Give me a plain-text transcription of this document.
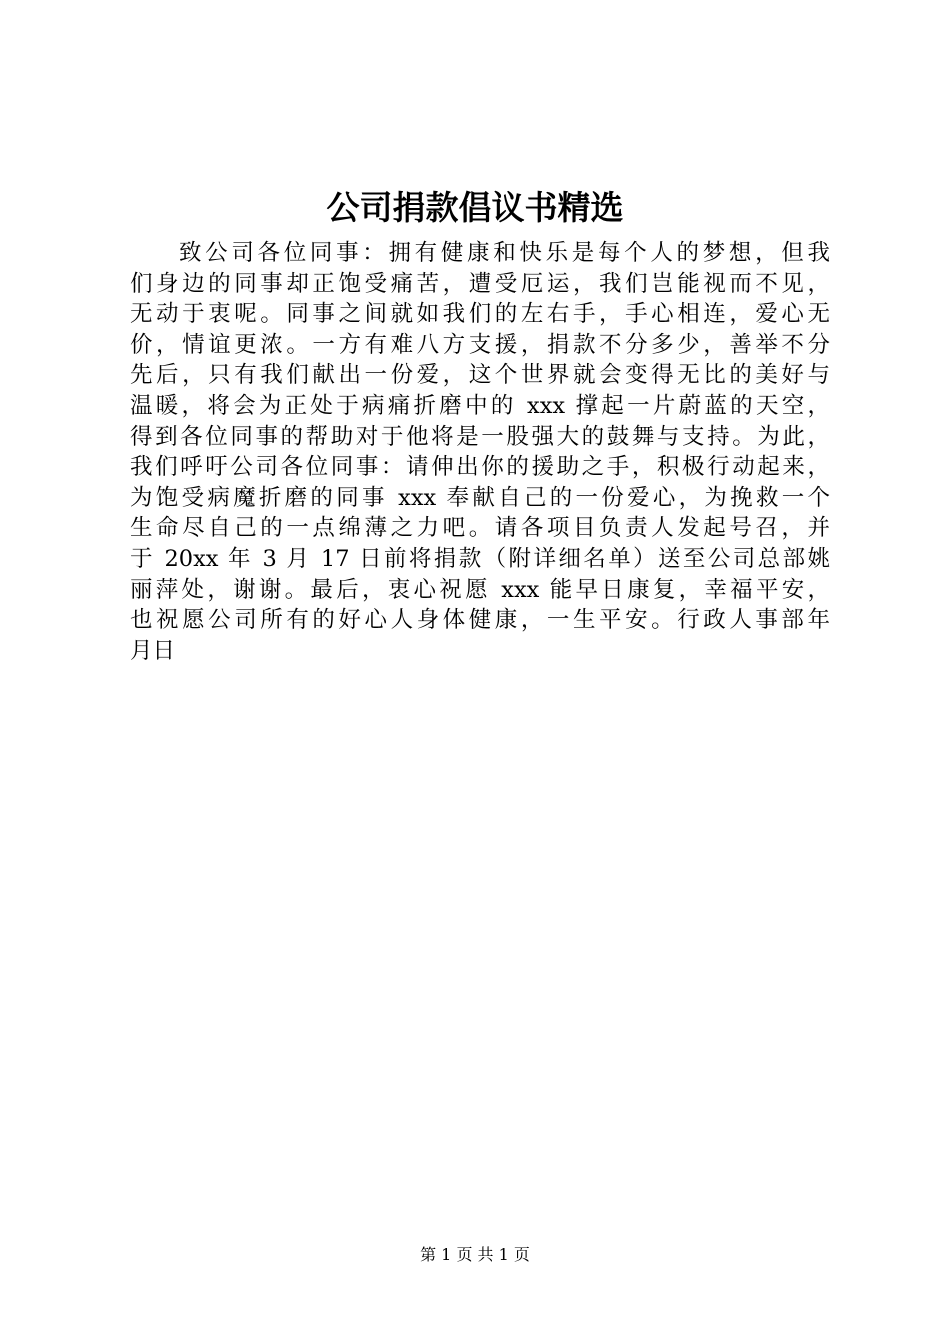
公司捐款倡议书精选
致公司各位同事：拥有健康和快乐是每个人的梦想，但我
们身边的同事却正饱受痛苦，遭受厄运，我们岂能视而不见，
无动于衷呢。同事之间就如我们的左右手，手心相连，爱心无
价，情谊更浓。一方有难八方支援，捐款不分多少，善举不分
先后，只有我们献出一份爱，这个世界就会变得无比的美好与
温暖，将会为正处于病痛折磨中的 xxx 撑起一片蔚蓝的天空，
得到各位同事的帮助对于他将是一股强大的鼓舞与支持。为此，
我们呼吁公司各位同事：请伸出你的援助之手，积极行动起来，
为饱受病魔折磨的同事 xxx 奉献自己的一份爱心，为挽救一个
生命尽自己的一点绵薄之力吧。请各项目负责人发起号召，并
于 20xx 年 3 月 17 日前将捐款（附详细名单）送至公司总部姚
丽萍处，谢谢。最后，衷心祝愿 xxx 能早日康复，幸福平安，
也祝愿公司所有的好心人身体健康，一生平安。行政人事部年
月日
第 1 页 共 1 页
